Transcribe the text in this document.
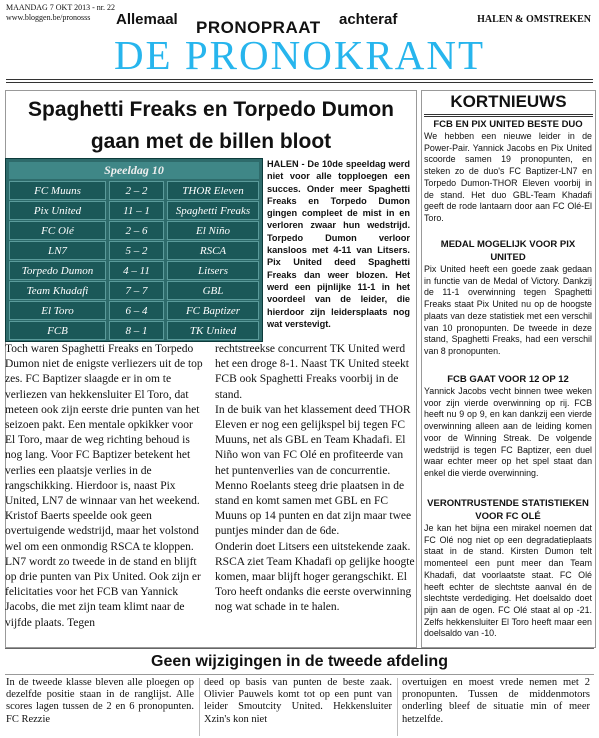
MAANDAG 7 OKT 2013 - nr. 22
www.bloggen.be/pronosss	Allemaal PRONOPRAAT achteraf	HALEN & OMSTREKEN
DE PRONOKRANT
Spaghetti Freaks en Torpedo Dumon
gaan met de billen bloot
Speeldag 10
FC Muuns	2 – 2	THOR Eleven
Pix United	11 – 1	Spaghetti Freaks
FC Olé	2 – 6	El Niño
LN7	5 – 2	RSCA
Torpedo Dumon	4 – 11	Litsers
Team Khadafi	7 – 7	GBL
El Toro	6 – 4	FC Baptizer
FCB	8 – 1	TK United
HALEN - De 10de speeldag werd niet voor alle topploegen een succes. Onder meer Spaghetti Freaks en Torpedo Dumon gingen compleet de mist in en verloren zwaar hun wedstrijd. Torpedo Dumon verloor kansloos met 4-11 van Litsers. Pix United deed Spaghetti Freaks dan weer blozen. Het werd een pijnlijke 11-1 in het voordeel van de leider, die hierdoor zijn leidersplaats nog wat verstevigt.
Toch waren Spaghetti Freaks en Torpedo Dumon niet de enigste verliezers uit de top zes. FC Baptizer slaagde er in om te verliezen van hekkensluiter El Toro, dat meteen ook zijn eerste drie punten van het seizoen pakt. Een mentale opkikker voor El Toro, maar de weg richting behoud is nog lang. Voor FC Baptizer betekent het verlies een plaatsje verlies in de rangschikking. Hierdoor is, naast Pix United, LN7 de winnaar van het weekend. Kristof Baerts speelde ook geen overtuigende wedstrijd, maar het volstond wel om een onmondig RSCA te kloppen. LN7 wordt zo tweede in de stand en blijft op drie punten van Pix United. Ook zijn er felicitaties voor het FCB van Yannick Jacobs, die met zijn team klimt naar de vijfde plaats. Tegen
rechtstreekse concurrent TK United werd het een droge 8-1. Naast TK United steekt FCB ook Spaghetti Freaks voorbij in de stand.
In de buik van het klassement deed THOR Eleven er nog een gelijkspel bij tegen FC Muuns, net als GBL en Team Khadafi. El Niño won van FC Olé en profiteerde van het puntenverlies van de concurrentie. Menno Roelants steeg drie plaatsen in de stand en komt samen met GBL en FC Muuns op 14 punten en dat zijn maar twee puntjes minder dan de 6de.
Onderin doet Litsers een uitstekende zaak. RSCA ziet Team Khadafi op gelijke hoogte komen, maar blijft hoger gerangschikt. El Toro heeft ondanks die eerste overwinning nog wat schade in te halen.
KORTNIEUWS
FCB EN PIX UNITED BESTE DUO
We hebben een nieuwe leider in de Power-Pair. Yannick Jacobs en Pix United scoorde samen 19 pronopunten, en steken zo de duo's FC Baptizer-LN7 en Torpedo Dumon-THOR Eleven voorbij in de stand. Het duo GBL-Team Khadafi geeft de rode lantaarn door aan FC Olé-El Toro.
MEDAL MOGELIJK VOOR PIX UNITED
Pix United heeft een goede zaak gedaan in functie van de Medal of Victory. Dankzij de 11-1 overwinning tegen Spaghetti Freaks staat Pix United nu op de hoogste plaats van deze statistiek met een verschil van 10 pronopunten. De tweede in deze stand, Spaghetti Freaks, had een verschil van 8 pronopunten.
FCB GAAT VOOR 12 OP 12
Yannick Jacobs vecht binnen twee weken voor zijn vierde overwinning op rij. FCB heeft nu 9 op 9, en kan dankzij een vierde overwinning alleen aan de leiding komen voor de Winning Streak. De volgende wedstrijd is tegen FC Baptizer, een duel waar echter meer op het spel staat dan enkel die vierde overwinning.
VERONTRUSTENDE STATISTIEKEN VOOR FC OLÉ
Je kan het bijna een mirakel noemen dat FC Olé nog niet op een degradatieplaats staat in de stand. Kirsten Dumon telt momenteel een punt meer dan Team Khadafi, dat voorlaatste staat. FC Olé heeft echter de slechtste aanval én de slechtste verdediging. Het doelsaldo doet pijn aan de ogen. FC Olé staat al op -21. Zelfs hekkensluiter El Toro heeft maar een doelsaldo van -10.
Geen wijzigingen in de tweede afdeling
In de tweede klasse bleven alle ploegen op dezelfde positie staan in de ranglijst. Alle scores lagen tussen de 2 en 6 pronopunten. FC Rezzie
deed op basis van punten de beste zaak. Olivier Pauwels komt tot op een punt van leider Smoutcity United. Hekkensluiter Xzin's kon niet
overtuigen en moest vrede nemen met 2 pronopunten. Tussen de middenmotors onderling bleef de situatie min of meer hetzelfde.
